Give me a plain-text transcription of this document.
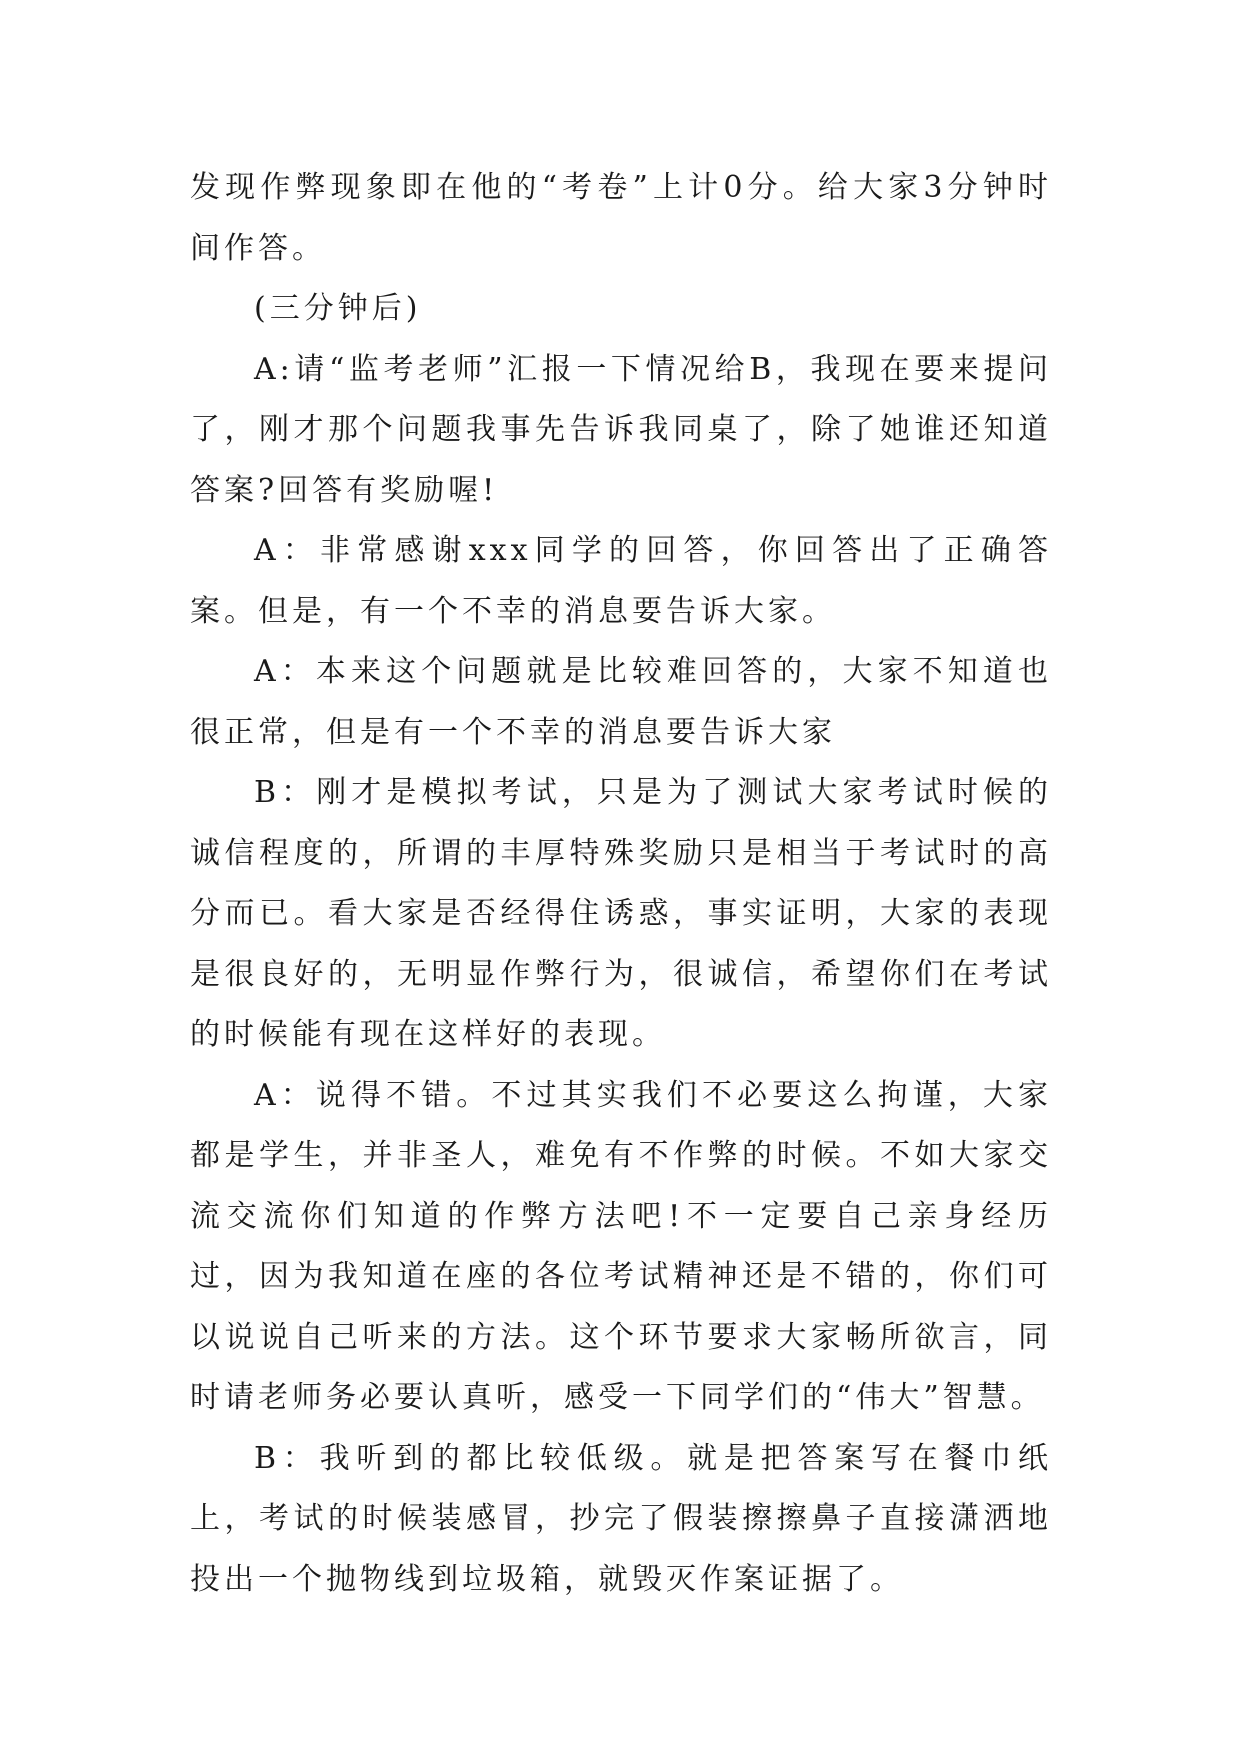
发现作弊现象即在他的“考卷”上计0分。给大家3分钟时间作答。

(三分钟后)

A:请“监考老师”汇报一下情况给B，我现在要来提问了，刚才那个问题我事先告诉我同桌了，除了她谁还知道答案?回答有奖励喔!

A：非常感谢xxx同学的回答，你回答出了正确答案。但是，有一个不幸的消息要告诉大家。

A：本来这个问题就是比较难回答的，大家不知道也很正常，但是有一个不幸的消息要告诉大家

B：刚才是模拟考试，只是为了测试大家考试时候的诚信程度的，所谓的丰厚特殊奖励只是相当于考试时的高分而已。看大家是否经得住诱惑，事实证明，大家的表现是很良好的，无明显作弊行为，很诚信，希望你们在考试的时候能有现在这样好的表现。

A：说得不错。不过其实我们不必要这么拘谨，大家都是学生，并非圣人，难免有不作弊的时候。不如大家交流交流你们知道的作弊方法吧!不一定要自己亲身经历过，因为我知道在座的各位考试精神还是不错的，你们可以说说自己听来的方法。这个环节要求大家畅所欲言，同时请老师务必要认真听，感受一下同学们的“伟大”智慧。

B：我听到的都比较低级。就是把答案写在餐巾纸上，考试的时候装感冒，抄完了假装擦擦鼻子直接潇洒地投出一个抛物线到垃圾箱，就毁灭作案证据了。
